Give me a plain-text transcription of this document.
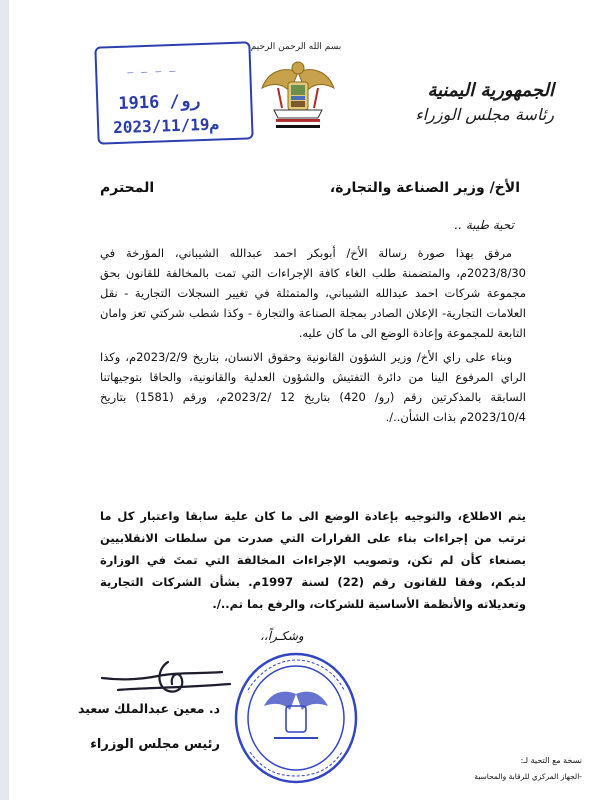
— — — —
رو/ 1916
2023/11/19م
بسم الله الرحمن الرحيم
الجمهورية اليمنية
رئاسة مجلس الوزراء
الأخ/ وزير الصناعة والتجارة،
المحترم
تحية طيبة ..

مرفق بهذا صورة رسالة الأخ/ أبوبكر احمد عبدالله الشيباني، المؤرخة في 2023/8/30م، والمتضمنة طلب الغاء كافة الإجراءات التي تمت بالمخالفة للقانون بحق مجموعة شركات احمد عبدالله الشيباني، والمتمثلة في تغيير السجلات التجارية - نقل العلامات التجارية- الإعلان الصادر بمجلة الصناعة والتجارة - وكذا شطب شركتي تعز وامان التابعة للمجموعة وإعادة الوضع الى ما كان عليه.

وبناء على راي الأخ/ وزير الشؤون القانونية وحقوق الانسان، بتاريخ 2023/2/9م، وكذا الراي المرفوع الينا من دائرة التفتيش والشؤون العدلية والقانونية، والحاقا بتوجيهاتنا السابقة بالمذكرتين رقم (رو/ 420) بتاريخ 12 /2023/2م، ورقم (1581) بتاريخ 2023/10/4م بذات الشأن../.

يتم الاطلاع، والتوجيه بإعادة الوضع الى ما كان علية سابقا واعتبار كل ما ترتب من إجراءات بناء على القرارات التي صدرت من سلطات الانقلابيين بصنعاء كأن لم تكن، وتصويب الإجراءات المخالفة التي تمتَ في الوزارة لديكم، وفقا للقانون رقم (22) لسنة 1997م. بشأن الشركات التجارية وتعديلاته والأنظمة الأساسية للشركات، والرفع بما تم../.
وشكـراً،،
د. معين عبدالملك سعيد
رئيس مجلس الوزراء
نسخة مع التحية لـ:
-الجهاز المركزي للرقابة والمحاسبة
